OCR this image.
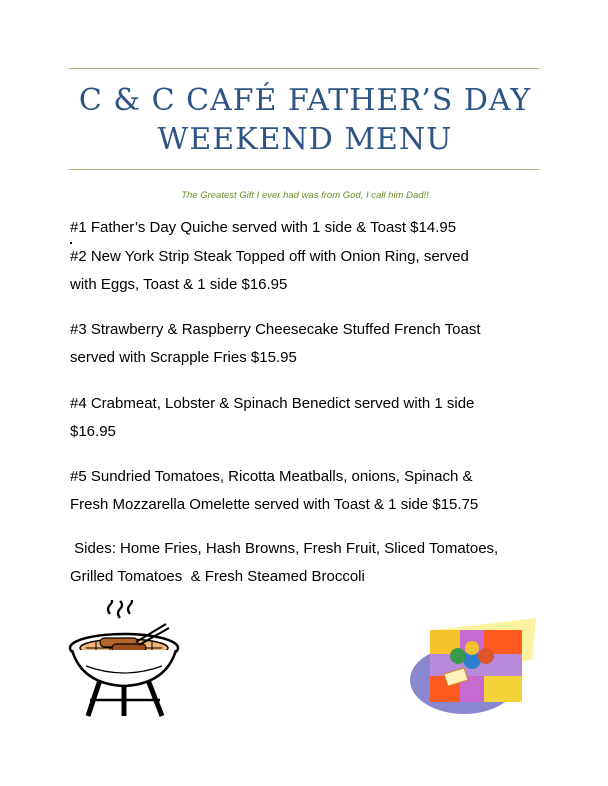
C & C CAFÉ FATHER’S DAY
WEEKEND MENU
The Greatest Gift I ever had was from God, I call him Dad!!
#1 Father’s Day Quiche served with 1 side & Toast $14.95
#2 New York Strip Steak Topped off with Onion Ring, served
with Eggs, Toast & 1 side $16.95
#3 Strawberry & Raspberry Cheesecake Stuffed French Toast
served with Scrapple Fries $15.95
#4 Crabmeat, Lobster & Spinach Benedict served with 1 side
$16.95
#5 Sundried Tomatoes, Ricotta Meatballs, onions, Spinach &
Fresh Mozzarella Omelette served with Toast & 1 side $15.75
Sides: Home Fries, Hash Browns, Fresh Fruit, Sliced Tomatoes,
Grilled Tomatoes  & Fresh Steamed Broccoli
